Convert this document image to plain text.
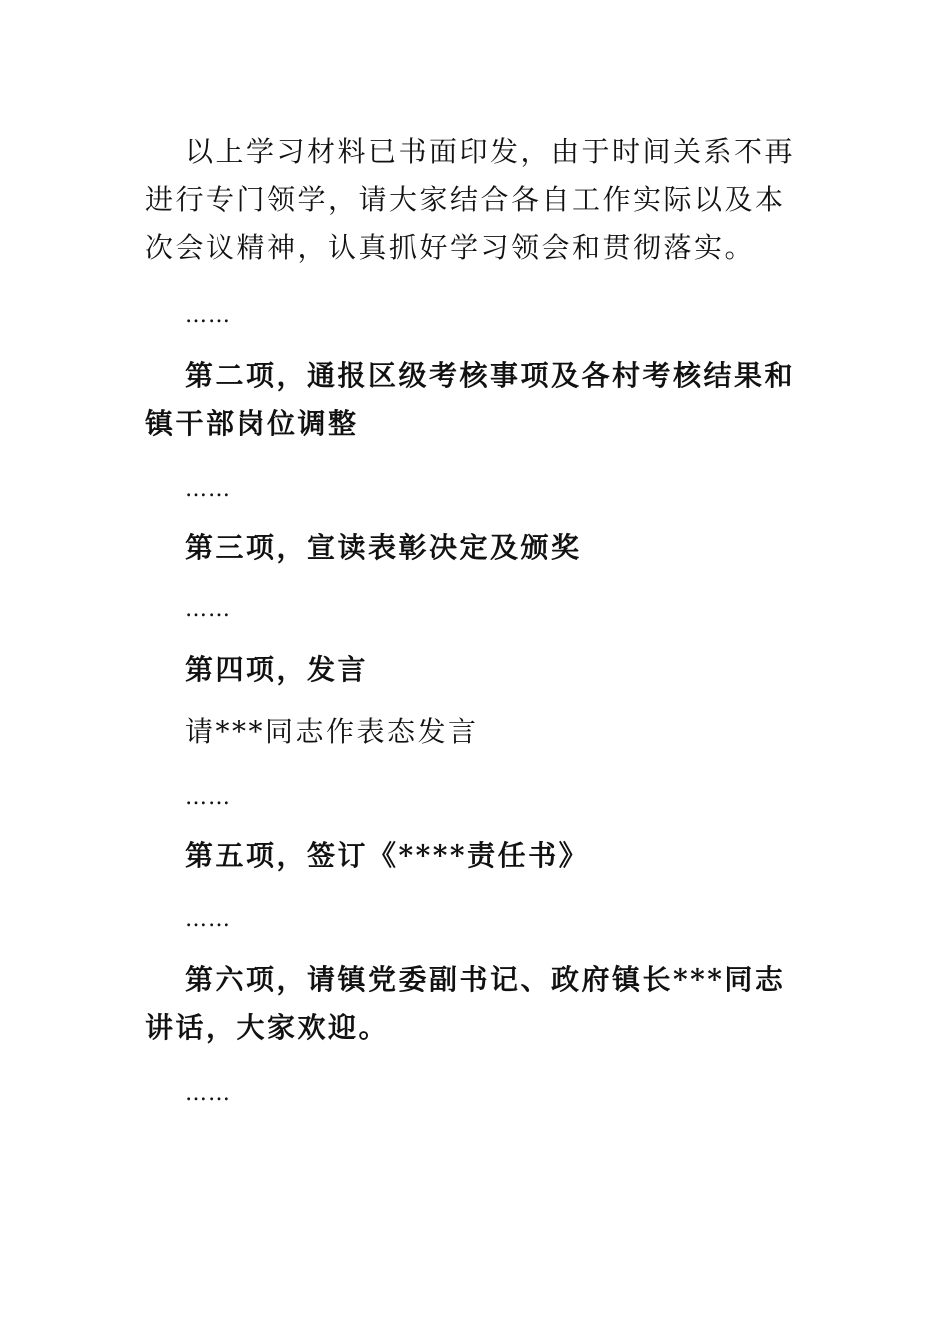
以上学习材料已书面印发，由于时间关系不再进行专门领学，请大家结合各自工作实际以及本次会议精神，认真抓好学习领会和贯彻落实。

……

第二项，通报区级考核事项及各村考核结果和镇干部岗位调整

……

第三项，宣读表彰决定及颁奖

……

第四项，发言

请***同志作表态发言

……

第五项，签订《****责任书》

……

第六项，请镇党委副书记、政府镇长***同志讲话，大家欢迎。

……
